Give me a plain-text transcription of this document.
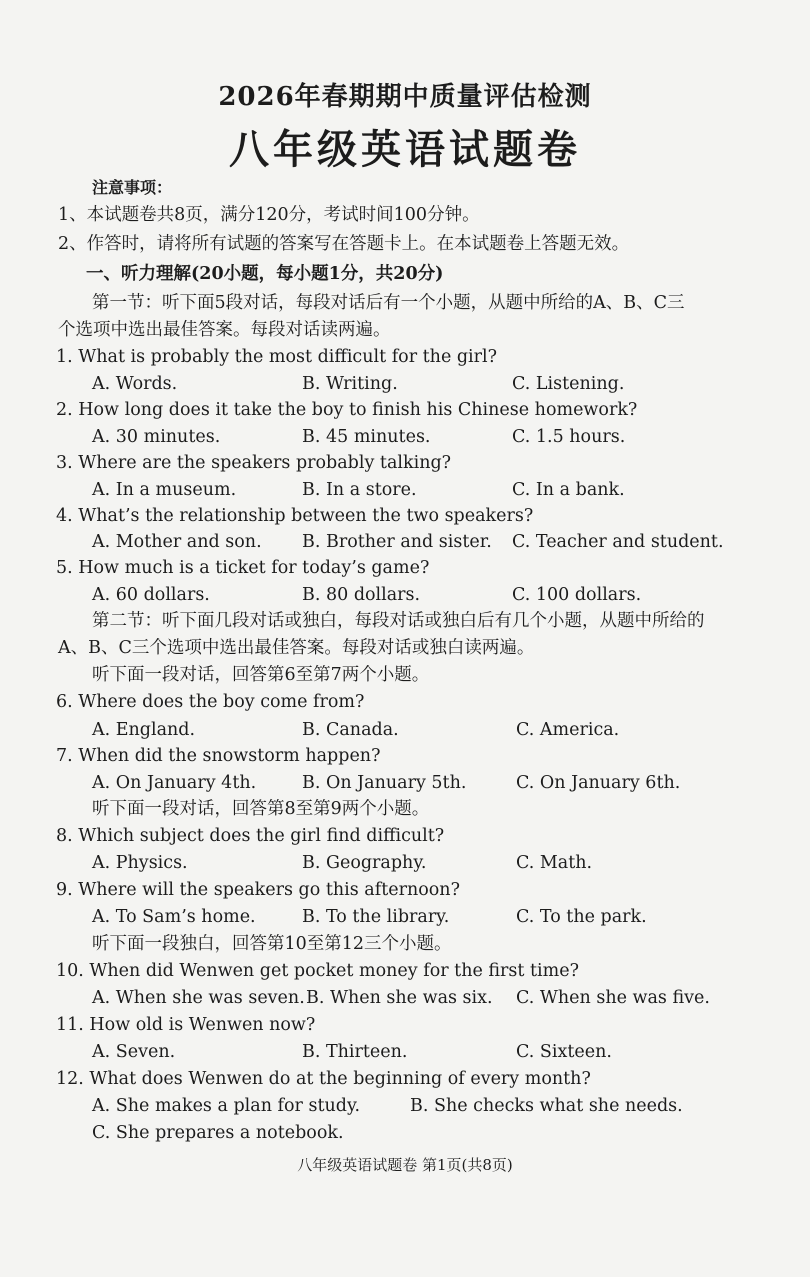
2026年春期期中质量评估检测
八年级英语试题卷
注意事项：
1、本试题卷共8页，满分120分，考试时间100分钟。
2、作答时，请将所有试题的答案写在答题卡上。在本试题卷上答题无效。
一、听力理解(20小题，每小题1分，共20分)
第一节：听下面5段对话，每段对话后有一个小题，从题中所给的A、B、C三
个选项中选出最佳答案。每段对话读两遍。
1. What is probably the most difficult for the girl?
A. Words.	B. Writing.	C. Listening.
2. How long does it take the boy to finish his Chinese homework?
A. 30 minutes.	B. 45 minutes.	C. 1.5 hours.
3. Where are the speakers probably talking?
A. In a museum.	B. In a store.	C. In a bank.
4. What’s the relationship between the two speakers?
A. Mother and son. B. Brother and sister. C. Teacher and student.
5. How much is a ticket for today’s game?
A. 60 dollars.	B. 80 dollars.	C. 100 dollars.
第二节：听下面几段对话或独白，每段对话或独白后有几个小题，从题中所给的
A、B、C三个选项中选出最佳答案。每段对话或独白读两遍。
听下面一段对话，回答第6至第7两个小题。
6. Where does the boy come from?
A. England.	B. Canada.	C. America.
7. When did the snowstorm happen?
A. On January 4th.	B. On January 5th.	C. On January 6th.
听下面一段对话，回答第8至第9两个小题。
8. Which subject does the girl find difficult?
A. Physics.	B. Geography.	C. Math.
9. Where will the speakers go this afternoon?
A. To Sam’s home.	B. To the library.	C. To the park.
听下面一段独白，回答第10至第12三个小题。
10. When did Wenwen get pocket money for the first time?
A. When she was seven. B. When she was six. C. When she was five.
11. How old is Wenwen now?
A. Seven.	B. Thirteen.	C. Sixteen.
12. What does Wenwen do at the beginning of every month?
A. She makes a plan for study.	B. She checks what she needs.
C. She prepares a notebook.
八年级英语试题卷 第1页(共8页)
